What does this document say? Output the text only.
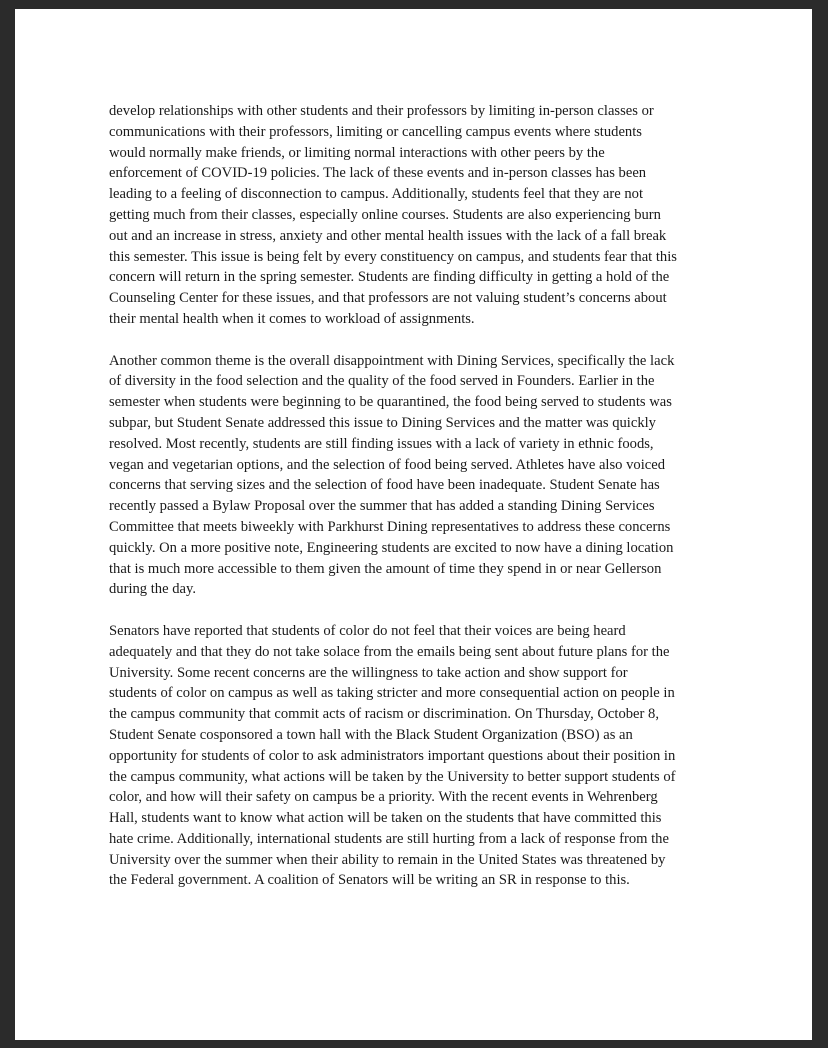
develop relationships with other students and their professors by limiting in-person classes or
communications with their professors, limiting or cancelling campus events where students
would normally make friends, or limiting normal interactions with other peers by the
enforcement of COVID-19 policies. The lack of these events and in-person classes has been
leading to a feeling of disconnection to campus. Additionally, students feel that they are not
getting much from their classes, especially online courses. Students are also experiencing burn
out and an increase in stress, anxiety and other mental health issues with the lack of a fall break
this semester. This issue is being felt by every constituency on campus, and students fear that this
concern will return in the spring semester. Students are finding difficulty in getting a hold of the
Counseling Center for these issues, and that professors are not valuing student’s concerns about
their mental health when it comes to workload of assignments.
Another common theme is the overall disappointment with Dining Services, specifically the lack
of diversity in the food selection and the quality of the food served in Founders. Earlier in the
semester when students were beginning to be quarantined, the food being served to students was
subpar, but Student Senate addressed this issue to Dining Services and the matter was quickly
resolved. Most recently, students are still finding issues with a lack of variety in ethnic foods,
vegan and vegetarian options, and the selection of food being served. Athletes have also voiced
concerns that serving sizes and the selection of food have been inadequate. Student Senate has
recently passed a Bylaw Proposal over the summer that has added a standing Dining Services
Committee that meets biweekly with Parkhurst Dining representatives to address these concerns
quickly. On a more positive note, Engineering students are excited to now have a dining location
that is much more accessible to them given the amount of time they spend in or near Gellerson
during the day.
Senators have reported that students of color do not feel that their voices are being heard
adequately and that they do not take solace from the emails being sent about future plans for the
University. Some recent concerns are the willingness to take action and show support for
students of color on campus as well as taking stricter and more consequential action on people in
the campus community that commit acts of racism or discrimination. On Thursday, October 8,
Student Senate cosponsored a town hall with the Black Student Organization (BSO) as an
opportunity for students of color to ask administrators important questions about their position in
the campus community, what actions will be taken by the University to better support students of
color, and how will their safety on campus be a priority. With the recent events in Wehrenberg
Hall, students want to know what action will be taken on the students that have committed this
hate crime. Additionally, international students are still hurting from a lack of response from the
University over the summer when their ability to remain in the United States was threatened by
the Federal government. A coalition of Senators will be writing an SR in response to this.
